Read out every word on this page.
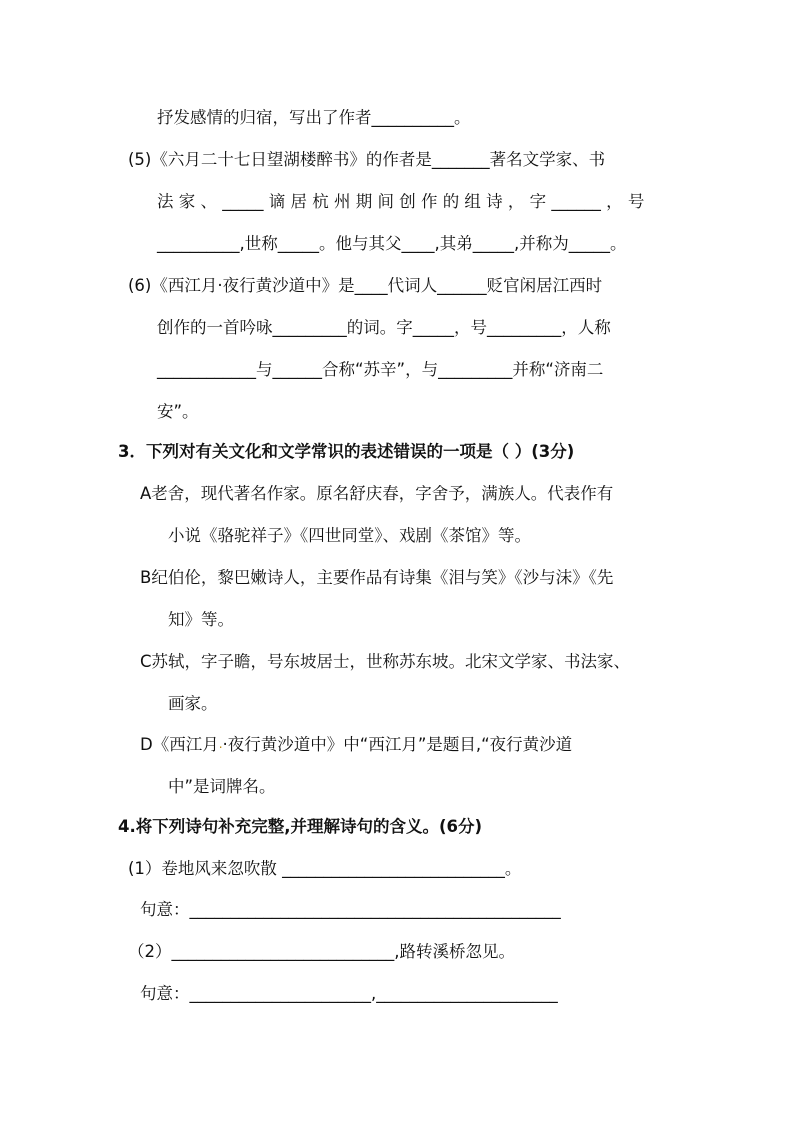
抒发感情的归宿，写出了作者__________。
(5)《六月二十七日望湖楼醉书》的作者是_______著名文学家、书
法 家 、 _____ 谪 居 杭 州 期 间 创 作 的 组 诗 ， 字 ______ ， 号
__________,世称_____。他与其父____,其弟_____,并称为_____。
(6)《西江月·夜行黄沙道中》是____代词人______贬官闲居江西时
创作的一首吟咏_________的词。字_____，号_________，人称
____________与______合称“苏辛”，与_________并称“济南二
安”。
3．下列对有关文化和文学常识的表述错误的一项是（ ）(3分)
A老舍，现代著名作家。原名舒庆春，字舍予，满族人。代表作有
小说《骆驼祥子》《四世同堂》、戏剧《茶馆》等。
B纪伯伦，黎巴嫩诗人，主要作品有诗集《泪与笑》《沙与沫》《先
知》等。
C苏轼，字子瞻，号东坡居士，世称苏东坡。北宋文学家、书法家、
画家。
D《西江月.·夜行黄沙道中》中“西江月”是题目,“夜行黄沙道
中”是词牌名。
4.将下列诗句补充完整,并理解诗句的含义。(6分)
(1）卷地风来忽吹散 ___________________________。
句意：_____________________________________________
（2）___________________________,路转溪桥忽见。
句意：______________________,______________________
